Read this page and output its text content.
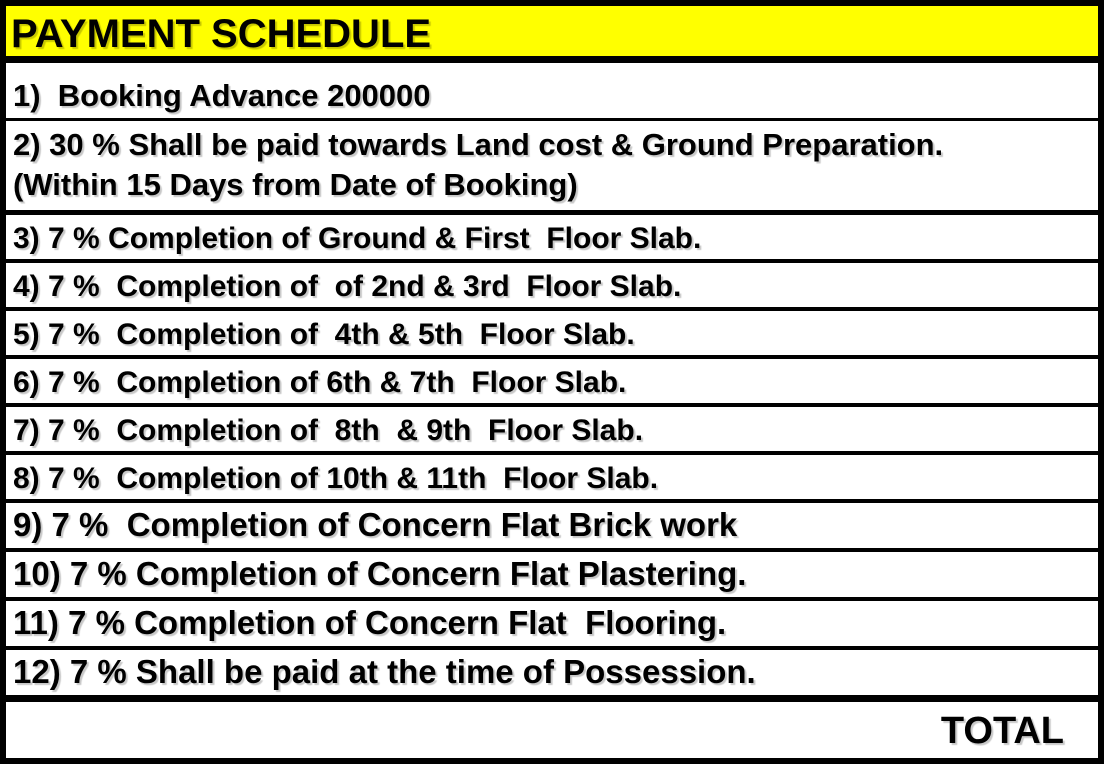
PAYMENT SCHEDULE
1)  Booking Advance 200000
2) 30 % Shall be paid towards Land cost & Ground Preparation.
(Within 15 Days from Date of Booking)
3) 7 % Completion of Ground & First  Floor Slab.
4) 7 %  Completion of  of 2nd & 3rd  Floor Slab.
5) 7 %  Completion of  4th & 5th  Floor Slab.
6) 7 %  Completion of 6th & 7th  Floor Slab.
7) 7 %  Completion of  8th  & 9th  Floor Slab.
8) 7 %  Completion of 10th & 11th  Floor Slab.
9) 7 %  Completion of Concern Flat Brick work
10) 7 % Completion of Concern Flat Plastering.
11) 7 % Completion of Concern Flat  Flooring.
12) 7 % Shall be paid at the time of Possession.
TOTAL
